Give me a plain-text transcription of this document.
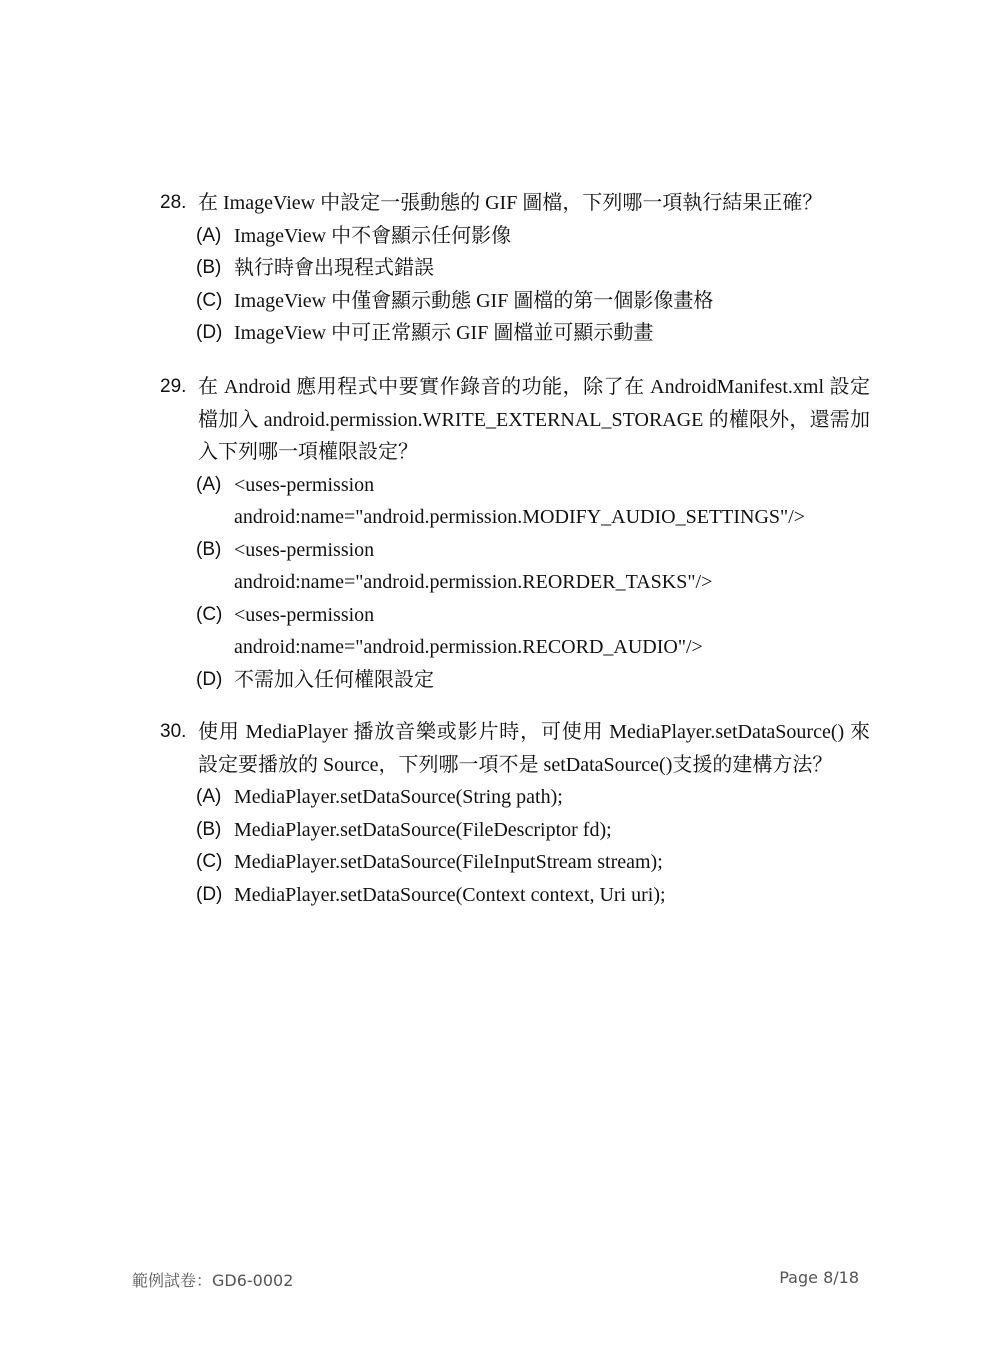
28. 在 ImageView 中設定一張動態的 GIF 圖檔，下列哪一項執行結果正確？
(A) ImageView 中不會顯示任何影像
(B) 執行時會出現程式錯誤
(C) ImageView 中僅會顯示動態 GIF 圖檔的第一個影像畫格
(D) ImageView 中可正常顯示 GIF 圖檔並可顯示動畫
29. 在 Android 應用程式中要實作錄音的功能，除了在 AndroidManifest.xml 設定檔加入 android.permission.WRITE_EXTERNAL_STORAGE 的權限外，還需加入下列哪一項權限設定？
(A) <uses-permission
android:name="android.permission.MODIFY_AUDIO_SETTINGS"/>
(B) <uses-permission
android:name="android.permission.REORDER_TASKS"/>
(C) <uses-permission
android:name="android.permission.RECORD_AUDIO"/>
(D) 不需加入任何權限設定
30. 使用 MediaPlayer 播放音樂或影片時，可使用 MediaPlayer.setDataSource() 來設定要播放的 Source，下列哪一項不是 setDataSource()支援的建構方法？
(A) MediaPlayer.setDataSource(String path);
(B) MediaPlayer.setDataSource(FileDescriptor fd);
(C) MediaPlayer.setDataSource(FileInputStream stream);
(D) MediaPlayer.setDataSource(Context context, Uri uri);
範例試卷：GD6-0002	Page 8/18
